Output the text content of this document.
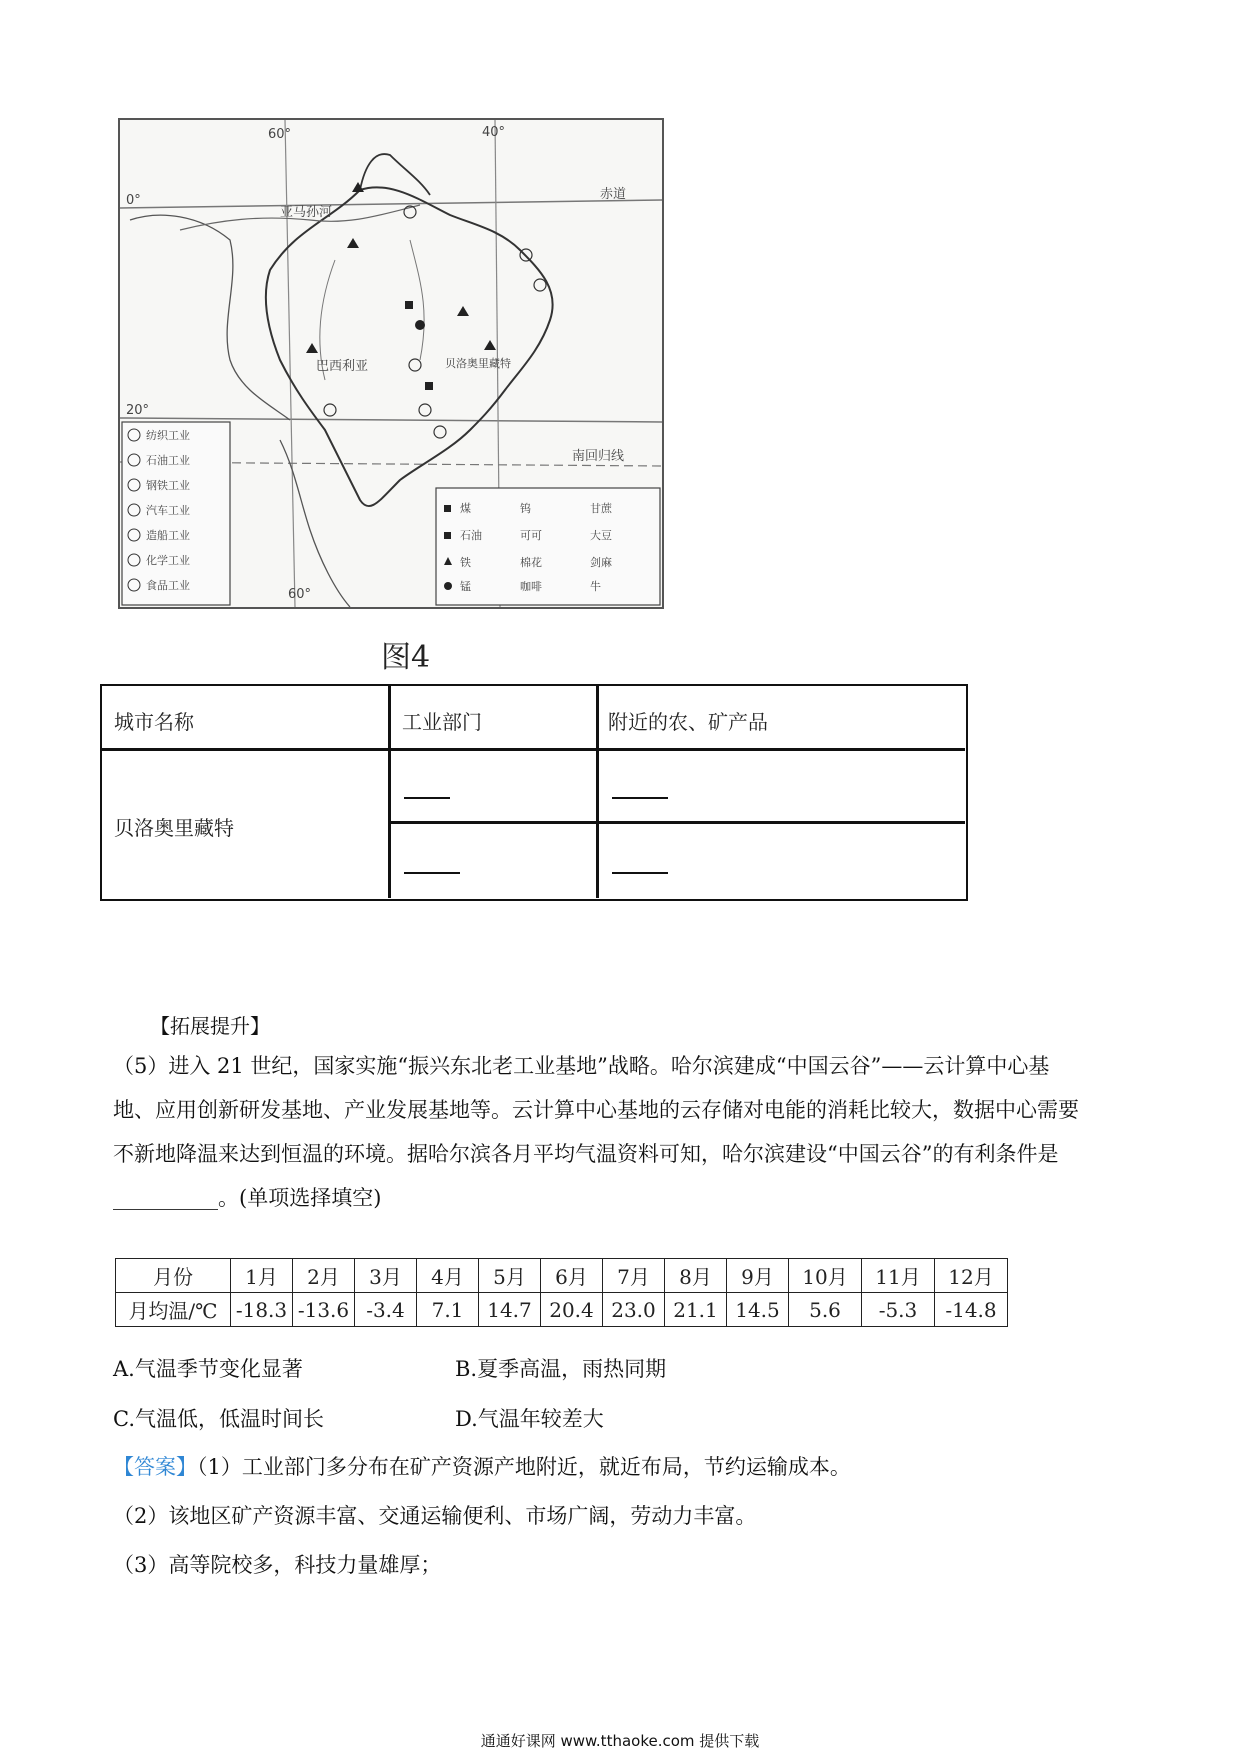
0°
20°
60°	40°
60°
赤道
亚马孙河
巴西利亚	贝洛奥里藏特
南回归线
纺织工业
石油工业
钢铁工业
汽车工业
造船工业
化学工业
食品工业
煤
石油
铁
锰
钨
可可
棉花
咖啡
甘蔗
大豆
剑麻
牛
图4
城市名称	工业部门	附近的农、矿产品
贝洛奥里藏特
【拓展提升】
（5）进入 21 世纪，国家实施“振兴东北老工业基地”战略。哈尔滨建成“中国云谷”——云计算中心基
地、应用创新研发基地、产业发展基地等。云计算中心基地的云存储对电能的消耗比较大，数据中心需要
不新地降温来达到恒温的环境。据哈尔滨各月平均气温资料可知，哈尔滨建设“中国云谷”的有利条件是
__________。(单项选择填空)
月份	1月	2月	3月	4月	5月	6月	7月	8月	9月	10月	11月	12月
月均温/℃	-18.3	-13.6	-3.4	7.1	14.7	20.4	23.0	21.1	14.5	5.6	-5.3	-14.8
A.气温季节变化显著	B.夏季高温，雨热同期
C.气温低，低温时间长	D.气温年较差大
【答案】（1）工业部门多分布在矿产资源产地附近，就近布局，节约运输成本。
（2）该地区矿产资源丰富、交通运输便利、市场广阔，劳动力丰富。
（3）高等院校多，科技力量雄厚；
通通好课网 www.tthaoke.com 提供下载
